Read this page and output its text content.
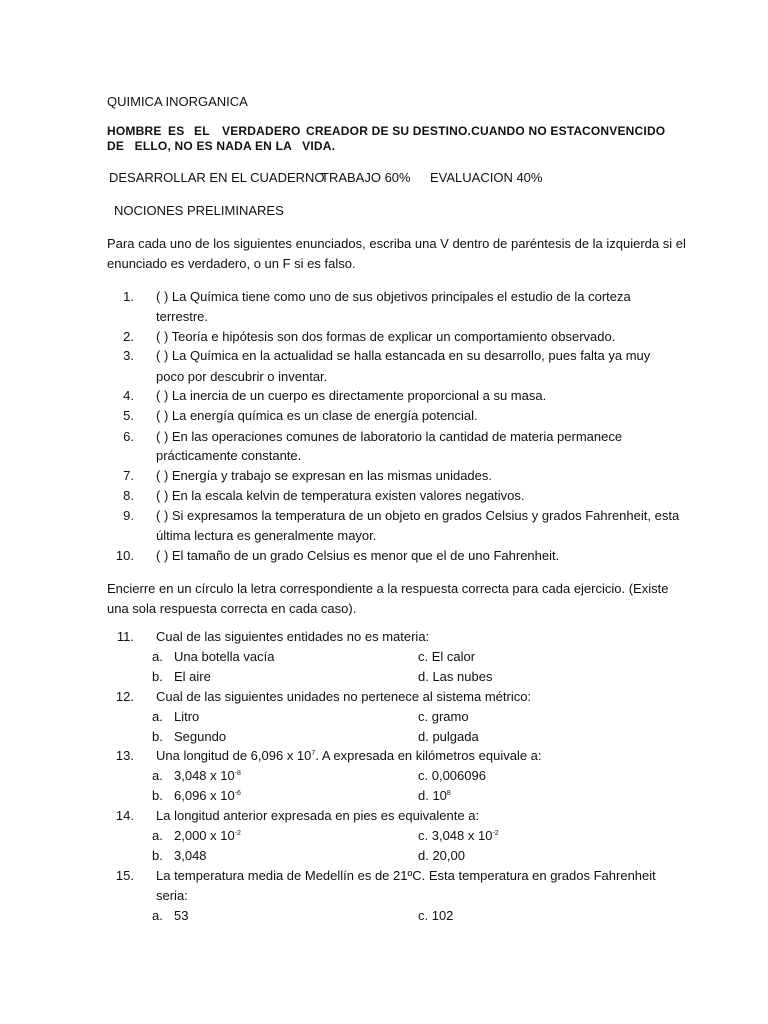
QUIMICA INORGANICA
HOMBRE ES EL VERDADERO CREADOR DE SU DESTINO.CUANDO NO ESTA CONVENCIDO
DE   ELLO, NO ES NADA EN LA   VIDA.
DESARROLLAR EN EL CUADERNO
TRABAJO 60% EVALUACION 40%
NOCIONES PRELIMINARES
Para cada uno de los siguientes enunciados, escriba una V dentro de paréntesis de la izquierda si el
enunciado es verdadero, o un F si es falso.
1. ( ) La Química tiene como uno de sus objetivos principales el estudio de la corteza
terrestre.
2. ( ) Teoría e hipótesis son dos formas de explicar un comportamiento observado.
3. ( ) La Química en la actualidad se halla estancada en su desarrollo, pues falta ya muy
poco por descubrir o inventar.
4. ( ) La inercia de un cuerpo es directamente proporcional a su masa.
5. ( ) La energía química es un clase de energía potencial.
6. ( ) En las operaciones comunes de laboratorio la cantidad de materia permanece
prácticamente constante.
7. ( ) Energía y trabajo se expresan en las mismas unidades.
8. ( ) En la escala kelvin de temperatura existen valores negativos.
9. ( ) Si expresamos la temperatura de un objeto en grados Celsius y grados Fahrenheit, esta
última lectura es generalmente mayor.
10. ( ) El tamaño de un grado Celsius es menor que el de uno Fahrenheit.
Encierre en un círculo la letra correspondiente a la respuesta correcta para cada ejercicio. (Existe
una sola respuesta correcta en cada caso).
11. Cual de las siguientes entidades no es materia:
a. Una botella vacía	c. El calor
b. El aire	d. Las nubes
12. Cual de las siguientes unidades no pertenece al sistema métrico:
a. Litro	c. gramo
b. Segundo	d. pulgada
13. Una longitud de 6,096 x $10^7$. A expresada en kilómetros equivale a:
a. 3,048 x $10^{-8}$	c. 0,006096
b. 6,096 x $10^{-6}$	d. $10^8$
14. La longitud anterior expresada en pies es equivalente a:
a. 2,000 x $10^{-2}$	c. 3,048 x $10^{-2}$
b. 3,048	d. 20,00
15. La temperatura media de Medellín es de 21ºC. Esta temperatura en grados Fahrenheit
seria:
a. 53	c. 102
